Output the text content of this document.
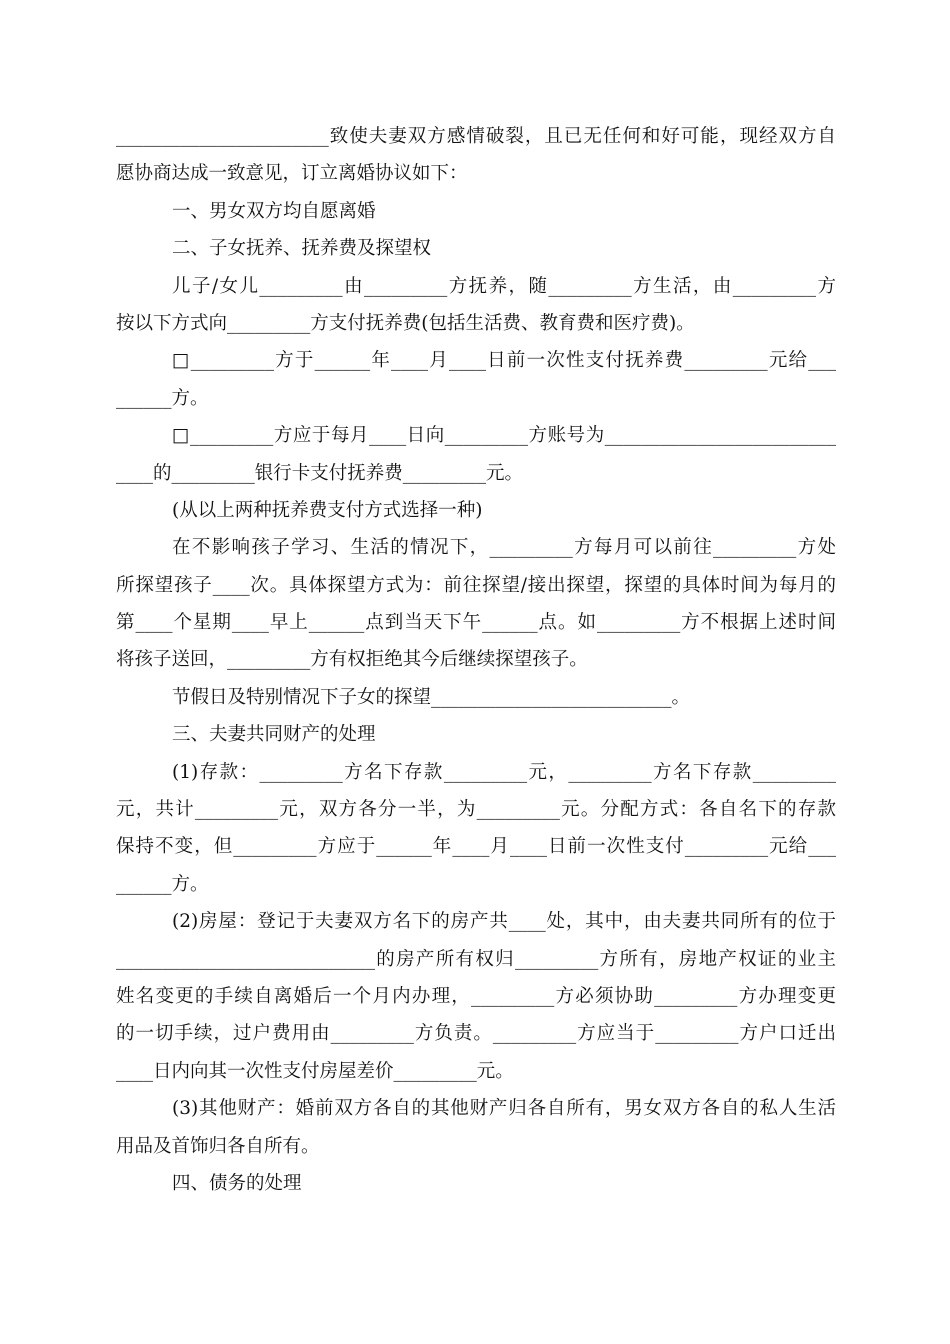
_______________________致使夫妻双方感情破裂，且已无任何和好可能，现经双方自
愿协商达成一致意见，订立离婚协议如下：
一、男女双方均自愿离婚
二、子女抚养、抚养费及探望权
儿子/女儿_________由_________方抚养，随_________方生活，由_________方
按以下方式向_________方支付抚养费(包括生活费、教育费和医疗费)。
□_________方于______年____月____日前一次性支付抚养费_________元给___
______方。
□_________方应于每月____日向_________方账号为_________________________
____的_________银行卡支付抚养费_________元。
(从以上两种抚养费支付方式选择一种)
在不影响孩子学习、生活的情况下，_________方每月可以前往_________方处
所探望孩子____次。具体探望方式为：前往探望/接出探望，探望的具体时间为每月的
第____个星期____早上______点到当天下午______点。如_________方不根据上述时间
将孩子送回，_________方有权拒绝其今后继续探望孩子。
节假日及特别情况下子女的探望__________________________。
三、夫妻共同财产的处理
(1)存款：_________方名下存款_________元，_________方名下存款_________
元，共计_________元，双方各分一半，为_________元。分配方式：各自名下的存款
保持不变，但_________方应于______年____月____日前一次性支付_________元给___
______方。
(2)房屋：登记于夫妻双方名下的房产共____处，其中，由夫妻共同所有的位于
____________________________的房产所有权归_________方所有，房地产权证的业主
姓名变更的手续自离婚后一个月内办理，_________方必须协助_________方办理变更
的一切手续，过户费用由_________方负责。_________方应当于_________方户口迁出
____日内向其一次性支付房屋差价_________元。
(3)其他财产：婚前双方各自的其他财产归各自所有，男女双方各自的私人生活
用品及首饰归各自所有。
四、债务的处理
